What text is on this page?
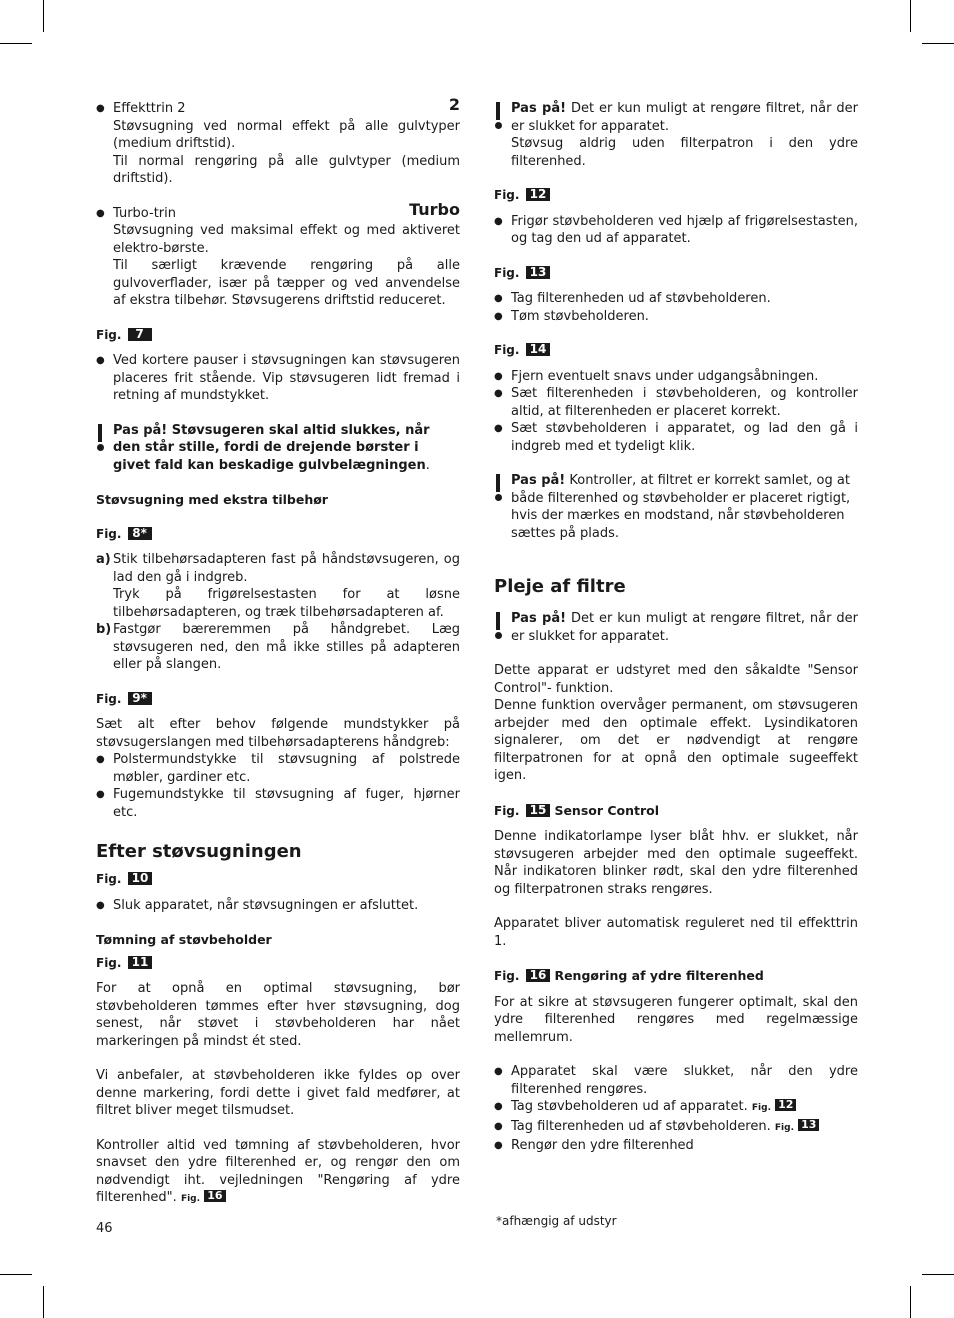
● Effekttrin 2	2

Støvsugning ved normal effekt på alle gulvtyper (medium driftstid).

Til normal rengøring på alle gulvtyper (medium driftstid).

● Turbo-trin	Turbo

Støvsugning ved maksimal effekt og med aktiveret elektro-børste.

Til særligt krævende rengøring på alle gulvoverflader, især på tæpper og ved anvendelse af ekstra tilbehør. Støvsugerens driftstid reduceret.

Fig. 7

● Ved kortere pauser i støvsugningen kan støvsugeren placeres frit stående. Vip støvsugeren lidt fremad i retning af mundstykket.

Pas på! Støvsugeren skal altid slukkes, når den står stille, fordi de drejende børster i givet fald kan beskadige gulvbelægningen.

Støvsugning med ekstra tilbehør

Fig. 8*

a) Stik tilbehørsadapteren fast på håndstøvsugeren, og lad den gå i indgreb.

Tryk på frigørelsestasten for at løsne tilbehørsadapteren, og træk tilbehørsadapteren af.

b) Fastgør bæreremmen på håndgrebet. Læg støvsugeren ned, den må ikke stilles på adapteren eller på slangen.

Fig. 9*

Sæt alt efter behov følgende mundstykker på støvsugerslangen med tilbehørsadapterens håndgreb:

● Polstermundstykke til støvsugning af polstrede møbler, gardiner etc.

● Fugemundstykke til støvsugning af fuger, hjørner etc.

Efter støvsugningen

Fig. 10

● Sluk apparatet, når støvsugningen er afsluttet.

Tømning af støvbeholder

Fig. 11

For at opnå en optimal støvsugning, bør støvbeholderen tømmes efter hver støvsugning, dog senest, når støvet i støvbeholderen har nået markeringen på mindst ét sted.

Vi anbefaler, at støvbeholderen ikke fyldes op over denne markering, fordi dette i givet fald medfører, at filtret bliver meget tilsmudset.

Kontroller altid ved tømning af støvbeholderen, hvor snavset den ydre filterenhed er, og rengør den om nødvendigt iht. vejledningen "Rengøring af ydre filterenhed". Fig. 16

Pas på! Det er kun muligt at rengøre filtret, når der er slukket for apparatet.

Støvsug aldrig uden filterpatron i den ydre filterenhed.

Fig. 12

● Frigør støvbeholderen ved hjælp af frigørelsestasten, og tag den ud af apparatet.

Fig. 13

● Tag filterenheden ud af støvbeholderen.

● Tøm støvbeholderen.

Fig. 14

● Fjern eventuelt snavs under udgangsåbningen.

● Sæt filterenheden i støvbeholderen, og kontroller altid, at filterenheden er placeret korrekt.

● Sæt støvbeholderen i apparatet, og lad den gå i indgreb med et tydeligt klik.

Pas på! Kontroller, at filtret er korrekt samlet, og at både filterenhed og støvbeholder er placeret rigtigt, hvis der mærkes en modstand, når støvbeholderen sættes på plads.

Pleje af filtre

Pas på! Det er kun muligt at rengøre filtret, når der er slukket for apparatet.

Dette apparat er udstyret med den såkaldte "Sensor Control"- funktion.

Denne funktion overvåger permanent, om støvsugeren arbejder med den optimale effekt. Lysindikatoren signalerer, om det er nødvendigt at rengøre filterpatronen for at opnå den optimale sugeeffekt igen.

Fig. 15 Sensor Control

Denne indikatorlampe lyser blåt hhv. er slukket, når støvsugeren arbejder med den optimale sugeeffekt. Når indikatoren blinker rødt, skal den ydre filterenhed og filterpatronen straks rengøres.

Apparatet bliver automatisk reguleret ned til effekttrin 1.

Fig. 16 Rengøring af ydre filterenhed

For at sikre at støvsugeren fungerer optimalt, skal den ydre filterenhed rengøres med regelmæssige mellemrum.

● Apparatet skal være slukket, når den ydre filterenhed rengøres.

● Tag støvbeholderen ud af apparatet. Fig. 12

● Tag filterenheden ud af støvbeholderen. Fig. 13

● Rengør den ydre filterenhed

46	*afhængig af udstyr
